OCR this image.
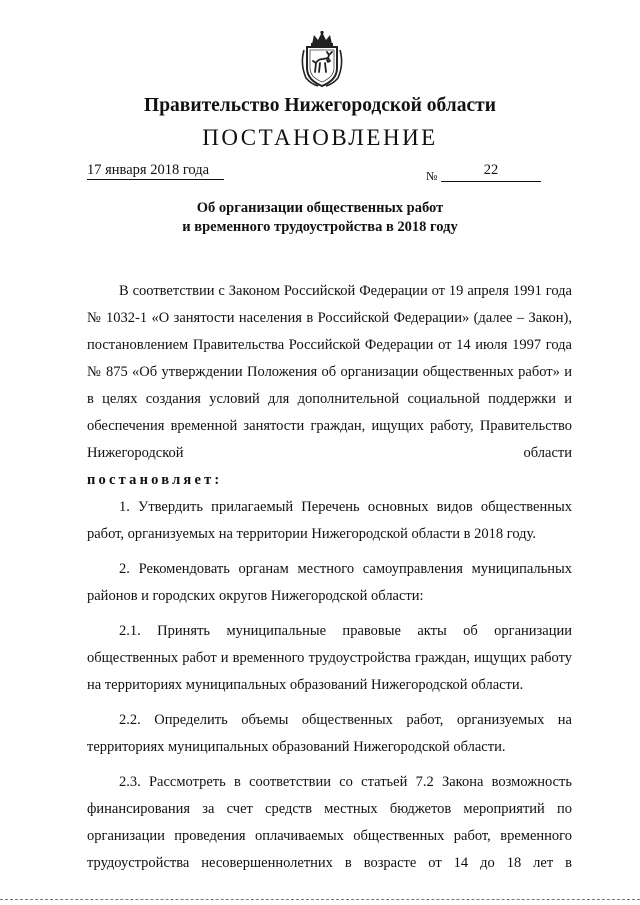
Правительство Нижегородской области
ПОСТАНОВЛЕНИЕ
17 января 2018 года	№	22
Об организации общественных работ
и временного трудоустройства в 2018 году

В соответствии с Законом Российской Федерации от 19 апреля 1991 года № 1032-1 «О занятости населения в Российской Федерации» (далее – Закон), постановлением Правительства Российской Федерации от 14 июля 1997 года № 875 «Об утверждении Положения об организации общественных работ» и в целях создания условий для дополнительной социальной поддержки и обеспечения временной занятости граждан, ищущих работу, Правительство Нижегородской области

постановляет:

1. Утвердить прилагаемый Перечень основных видов общественных работ, организуемых на территории Нижегородской области в 2018 году.

2. Рекомендовать органам местного самоуправления муниципальных районов и городских округов Нижегородской области:

2.1. Принять муниципальные правовые акты об организации общественных работ и временного трудоустройства граждан, ищущих работу на территориях муниципальных образований Нижегородской области.

2.2. Определить объемы общественных работ, организуемых на территориях муниципальных образований Нижегородской области.

2.3. Рассмотреть в соответствии со статьей 7.2 Закона возможность финансирования за счет средств местных бюджетов мероприятий по организации проведения оплачиваемых общественных работ, временного трудоустройства несовершеннолетних в возрасте от 14 до 18 лет в
